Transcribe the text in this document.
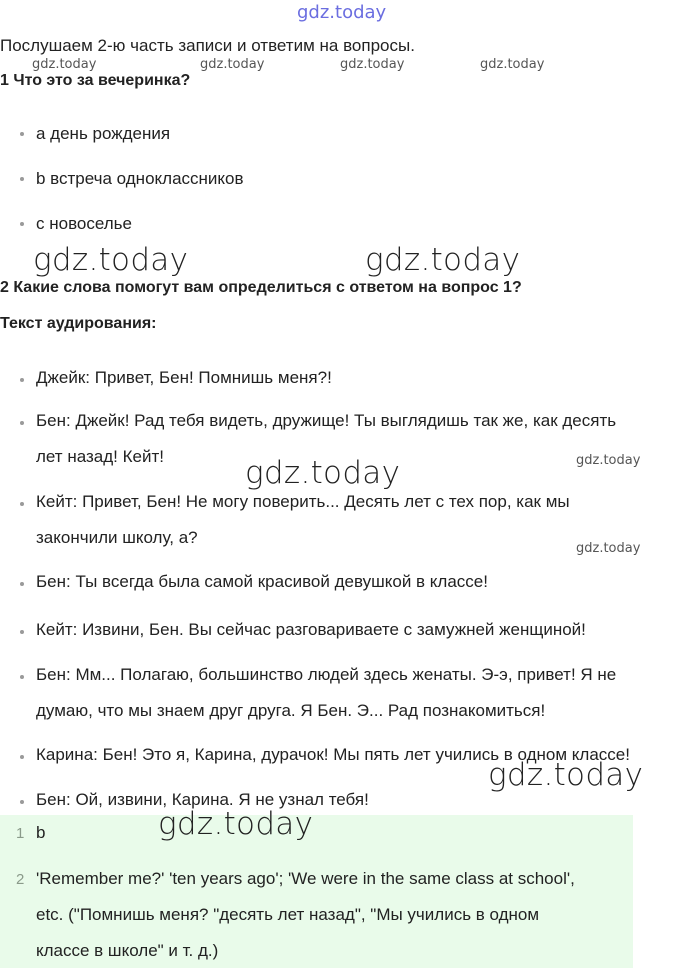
gdz.today
Послушаем 2-ю часть записи и ответим на вопросы.
gdz.today	gdz.today	gdz.today	gdz.today
1 Что это за вечеринка?
a день рождения
b встреча одноклассников
c новоселье
gdz.today	gdz.today
2 Какие слова помогут вам определиться с ответом на вопрос 1?
Текст аудирования:
Джейк: Привет, Бен! Помнишь меня?!
Бен: Джейк! Рад тебя видеть, дружище! Ты выглядишь так же, как десять
лет назад! Кейт!
Кейт: Привет, Бен! Не могу поверить... Десять лет с тех пор, как мы
закончили школу, а?
Бен: Ты всегда была самой красивой девушкой в классе!
Кейт: Извини, Бен. Вы сейчас разговариваете с замужней женщиной!
Бен: Мм... Полагаю, большинство людей здесь женаты. Э-э, привет! Я не
думаю, что мы знаем друг друга. Я Бен. Э... Рад познакомиться!
Карина: Бен! Это я, Карина, дурачок! Мы пять лет учились в одном классе!
Бен: Ой, извини, Карина. Я не узнал тебя!
gdz.today	gdz.today
gdz.today
gdz.today
1 b
2 'Remember me?' 'ten years ago'; 'We were in the same class at school',
etc. ("Помнишь меня? "десять лет назад", "Мы учились в одном
классе в школе" и т. д.)
gdz.today
